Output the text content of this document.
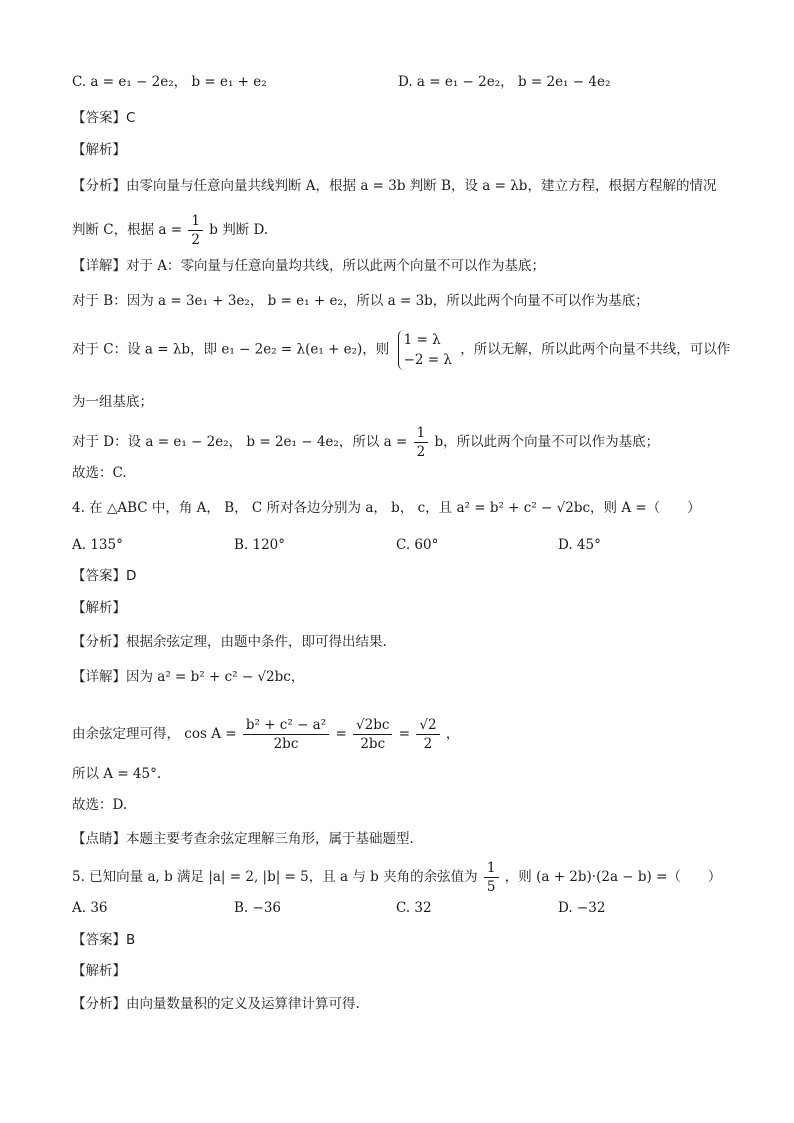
C. a = e₁ − 2e₂， b = e₁ + e₂	D. a = e₁ − 2e₂， b = 2e₁ − 4e₂
【答案】C
【解析】
【分析】由零向量与任意向量共线判断 A，根据 a = 3b 判断 B，设 a = λb，建立方程，根据方程解的情况
判断 C，根据 $a = \frac{1}{2}$ b 判断 D.
【详解】对于 A：零向量与任意向量均共线，所以此两个向量不可以作为基底；
对于 B：因为 a = 3e₁ + 3e₂， b = e₁ + e₂，所以 a = 3b，所以此两个向量不可以作为基底；
对于 C：设 a = λb，即 e₁ − 2e₂ = λ(e₁ + e₂)，则
1 = λ
−2 = λ
，所以无解，所以此两个向量不共线，可以作
为一组基底；
对于 D：设 a = e₁ − 2e₂， b = 2e₁ − 4e₂，所以 $a = \frac{1}{2}$ b，所以此两个向量不可以作为基底；
故选：C.
4. 在 △ABC 中，角 A， B， C 所对各边分别为 a， b， c，且 a² = b² + c² − √2bc，则 A =（　　）
A. 135°	B. 120°	C. 60°	D. 45°
【答案】D
【解析】
【分析】根据余弦定理，由题中条件，即可得出结果.
【详解】因为 a² = b² + c² − √2bc，
由余弦定理可得， $\cos A = \frac{\text{b² + c² − a²}}{2bc} = \frac{√2bc}{2bc} = \frac{√2}{2}$ ，
所以 A = 45°.
故选：D.
【点睛】本题主要考查余弦定理解三角形，属于基础题型.
5. 已知向量 a, b 满足 |a| = 2, |b| = 5，且 a 与 b 夹角的余弦值为 $\frac{1}{5}$ ，则 (a + 2b)·(2a − b) =（　　）
A. 36	B. −36	C. 32	D. −32
【答案】B
【解析】
【分析】由向量数量积的定义及运算律计算可得.
